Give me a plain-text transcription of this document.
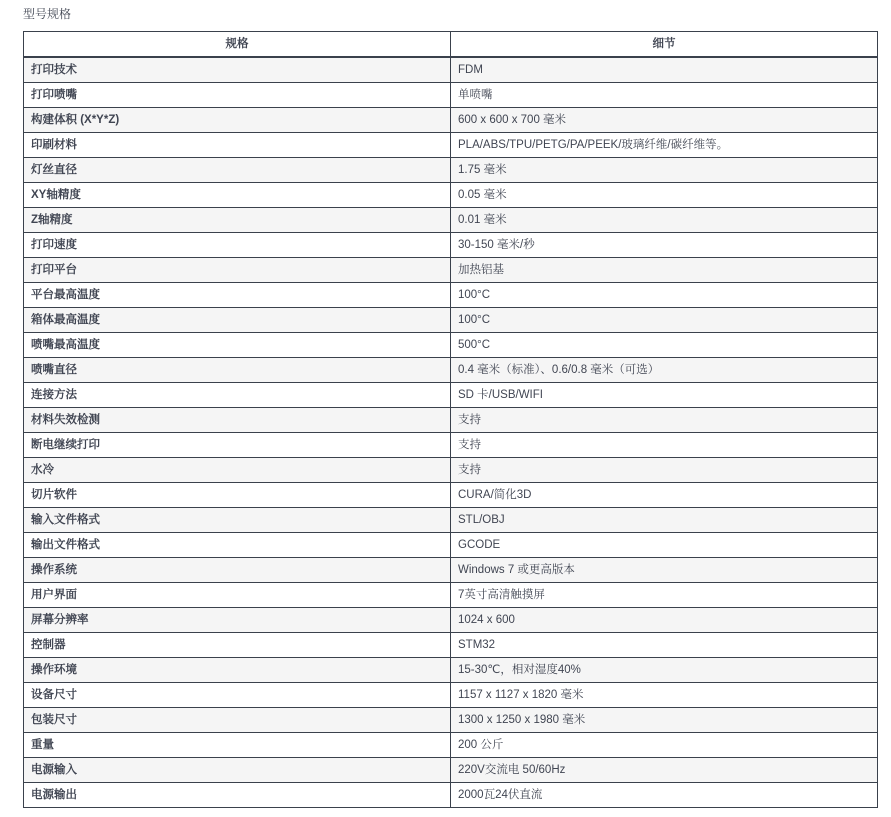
型号规格
规格	细节
打印技术	FDM
打印喷嘴	单喷嘴
构建体积 (X*Y*Z)	600 x 600 x 700 毫米
印刷材料	PLA/ABS/TPU/PETG/PA/PEEK/玻璃纤维/碳纤维等。
灯丝直径	1.75 毫米
XY轴精度	0.05 毫米
Z轴精度	0.01 毫米
打印速度	30-150 毫米/秒
打印平台	加热铝基
平台最高温度	100°C
箱体最高温度	100°C
喷嘴最高温度	500°C
喷嘴直径	0.4 毫米（标准）、0.6/0.8 毫米（可选）
连接方法	SD 卡/USB/WIFI
材料失效检测	支持
断电继续打印	支持
水冷	支持
切片软件	CURA/简化3D
输入文件格式	STL/OBJ
输出文件格式	GCODE
操作系统	Windows 7 或更高版本
用户界面	7英寸高清触摸屏
屏幕分辨率	1024 x 600
控制器	STM32
操作环境	15-30℃，相对湿度40%
设备尺寸	1157 x 1127 x 1820 毫米
包装尺寸	1300 x 1250 x 1980 毫米
重量	200 公斤
电源输入	220V交流电 50/60Hz
电源输出	2000瓦24伏直流
